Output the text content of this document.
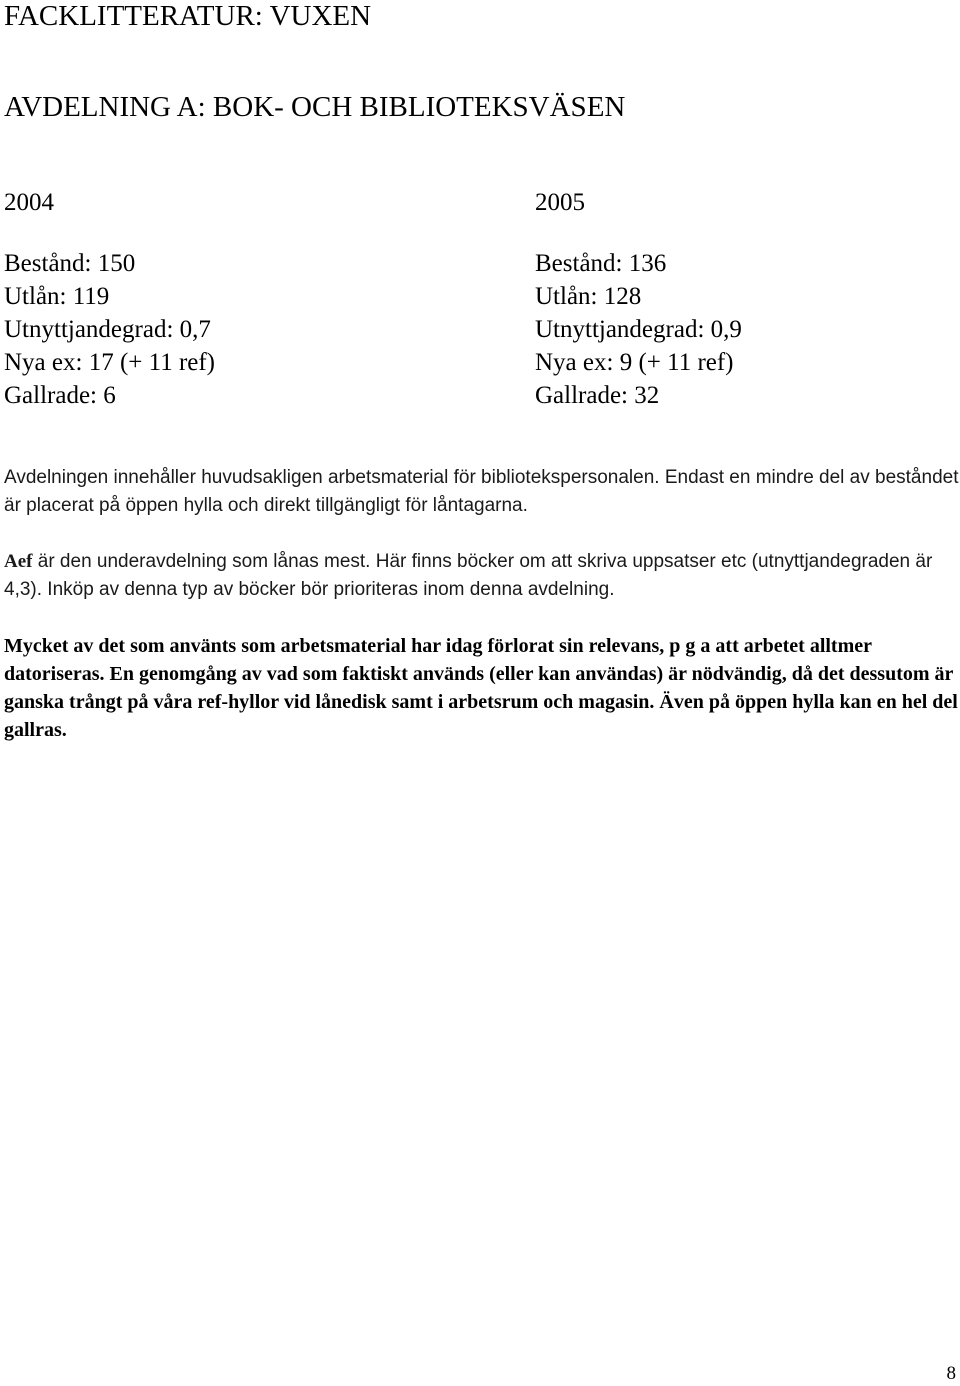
FACKLITTERATUR: VUXEN
AVDELNING A: BOK- OCH BIBLIOTEKSVÄSEN
2004
Bestånd: 150
Utlån: 119
Utnyttjandegrad: 0,7
Nya ex: 17 (+ 11 ref)
Gallrade: 6
2005
Bestånd: 136
Utlån: 128
Utnyttjandegrad: 0,9
Nya ex: 9 (+ 11 ref)
Gallrade: 32

Avdelningen innehåller huvudsakligen arbetsmaterial för bibliotekspersonalen. Endast en mindre del av beståndet är placerat på öppen hylla och direkt tillgängligt för låntagarna.

Aef är den underavdelning som lånas mest. Här finns böcker om att skriva uppsatser etc (utnyttjandegraden är 4,3). Inköp av denna typ av böcker bör prioriteras inom denna avdelning.

Mycket av det som använts som arbetsmaterial har idag förlorat sin relevans, p g a att arbetet alltmer datoriseras. En genomgång av vad som faktiskt används (eller kan användas) är nödvändig, då det dessutom är ganska trångt på våra ref-hyllor vid lånedisk samt i arbetsrum och magasin. Även på öppen hylla kan en hel del gallras.

8
